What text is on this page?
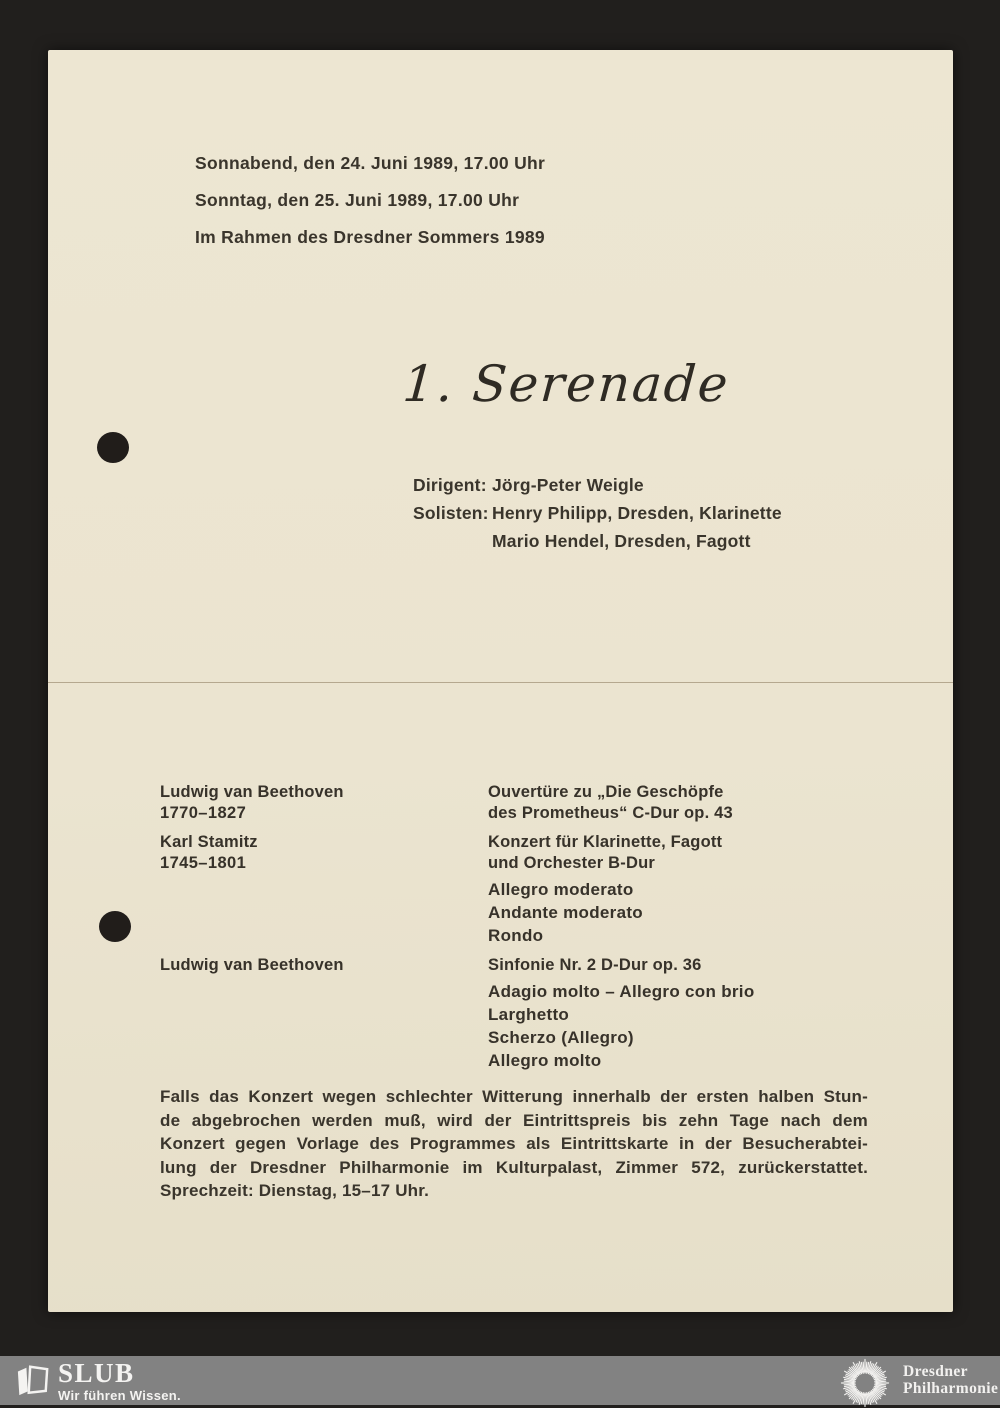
Sonnabend, den 24. Juni 1989, 17.00 Uhr
Sonntag, den 25. Juni 1989, 17.00 Uhr
Im Rahmen des Dresdner Sommers 1989
1. Serenade
Dirigent: Jörg-Peter Weigle
Solisten: Henry Philipp, Dresden, Klarinette
Mario Hendel, Dresden, Fagott
Ludwig van Beethoven
1770–1827
Ouvertüre zu „Die Geschöpfe
des Prometheus“ C-Dur op. 43
Karl Stamitz
1745–1801
Konzert für Klarinette, Fagott
und Orchester B-Dur
Allegro moderato
Andante moderato
Rondo
Ludwig van Beethoven	Sinfonie Nr. 2 D-Dur op. 36
Adagio molto – Allegro con brio
Larghetto
Scherzo (Allegro)
Allegro molto
Falls das Konzert wegen schlechter Witterung innerhalb der ersten halben Stun-
de abgebrochen werden muß, wird der Eintrittspreis bis zehn Tage nach dem
Konzert gegen Vorlage des Programmes als Eintrittskarte in der Besucherabtei-
lung der Dresdner Philharmonie im Kulturpalast, Zimmer 572, zurückerstattet.
Sprechzeit: Dienstag, 15–17 Uhr.
SLUB
Wir führen Wissen.
Dresdner
Philharmonie
